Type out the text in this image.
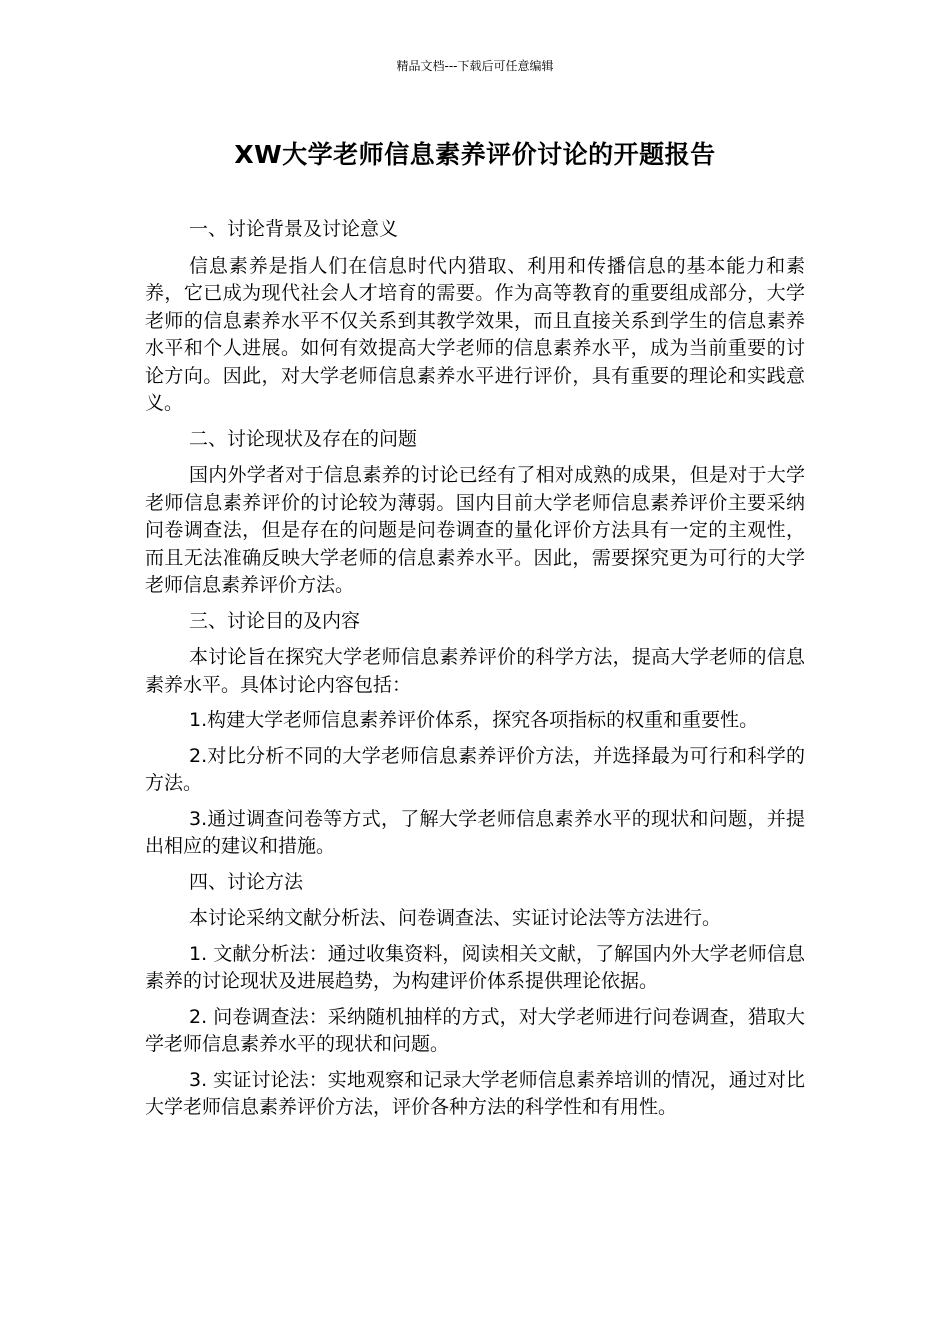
精品文档---下载后可任意编辑
XW大学老师信息素养评价讨论的开题报告
一、讨论背景及讨论意义

信息素养是指人们在信息时代内猎取、利用和传播信息的基本能力和素养，它已成为现代社会人才培育的需要。作为高等教育的重要组成部分，大学老师的信息素养水平不仅关系到其教学效果，而且直接关系到学生的信息素养水平和个人进展。如何有效提高大学老师的信息素养水平，成为当前重要的讨论方向。因此，对大学老师信息素养水平进行评价，具有重要的理论和实践意义。

二、讨论现状及存在的问题

国内外学者对于信息素养的讨论已经有了相对成熟的成果，但是对于大学老师信息素养评价的讨论较为薄弱。国内目前大学老师信息素养评价主要采纳问卷调查法，但是存在的问题是问卷调查的量化评价方法具有一定的主观性，而且无法准确反映大学老师的信息素养水平。因此，需要探究更为可行的大学老师信息素养评价方法。

三、讨论目的及内容

本讨论旨在探究大学老师信息素养评价的科学方法，提高大学老师的信息素养水平。具体讨论内容包括：

1.构建大学老师信息素养评价体系，探究各项指标的权重和重要性。

2.对比分析不同的大学老师信息素养评价方法，并选择最为可行和科学的方法。

3.通过调查问卷等方式，了解大学老师信息素养水平的现状和问题，并提出相应的建议和措施。

四、讨论方法

本讨论采纳文献分析法、问卷调查法、实证讨论法等方法进行。

1. 文献分析法：通过收集资料，阅读相关文献，了解国内外大学老师信息素养的讨论现状及进展趋势，为构建评价体系提供理论依据。

2. 问卷调查法：采纳随机抽样的方式，对大学老师进行问卷调查，猎取大学老师信息素养水平的现状和问题。

3. 实证讨论法：实地观察和记录大学老师信息素养培训的情况，通过对比大学老师信息素养评价方法，评价各种方法的科学性和有用性。
